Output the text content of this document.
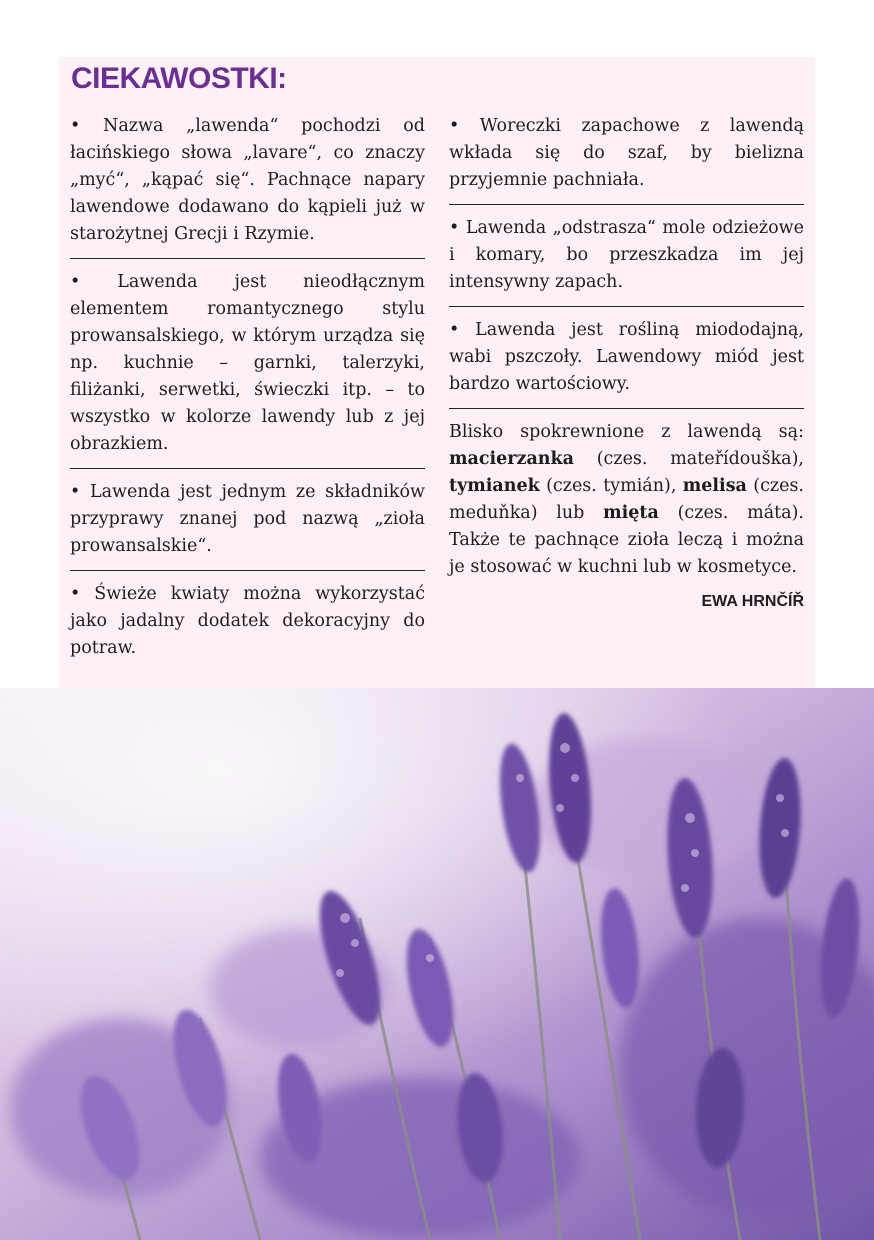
CIEKAWOSTKI:

• Nazwa „lawenda“ pochodzi od łacińskiego słowa „lavare“, co znaczy „myć“, „kąpać się“. Pachnące napary lawendowe dodawano do kąpieli już w starożytnej Grecji i Rzymie.

• Lawenda jest nieodłącznym elementem romantycznego stylu prowansalskiego, w którym urządza się np. kuchnie – garnki, talerzyki, filiżanki, serwetki, świeczki itp. – to wszystko w kolorze lawendy lub z jej obrazkiem.

• Lawenda jest jednym ze składników przyprawy znanej pod nazwą „zioła prowansalskie“.

• Świeże kwiaty można wykorzystać jako jadalny dodatek dekoracyjny do potraw.

• Woreczki zapachowe z lawendą wkłada się do szaf, by bielizna przyjemnie pachniała.

• Lawenda „odstrasza“ mole odzieżowe i komary, bo przeszkadza im jej intensywny zapach.

• Lawenda jest rośliną miododajną, wabi pszczoły. Lawendowy miód jest bardzo wartościowy.

Blisko spokrewnione z lawendą są: macierzanka (czes. mateřídouška), tymianek (czes. tymián), melisa (czes. meduňka) lub mięta (czes. máta). Także te pachnące zioła leczą i można je stosować w kuchni lub w kosmetyce.

EWA HRNČÍŘ
